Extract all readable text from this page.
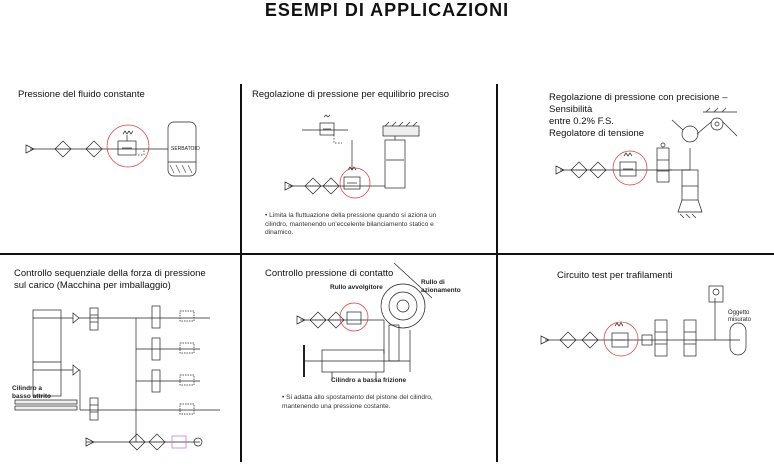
ESEMPI DI APPLICAZIONI
Pressione del fluido constante	Regolazione di pressione per equilibrio preciso	Regolazione di pressione con precisione – Sensibilità
entre 0.2% F.S.
Regolatore di tensione
Controllo sequenziale della forza di pressione
sul carico (Macchina per imballaggio)
Controllo pressione di contatto	Circuito test per trafilamenti
• Limita la fluttuazione della pressione quando si aziona un cilindro, mantenendo un'eccelente bilanciamento statico e dinamico.
• Si adatta allo spostamento del pistone del cilindro, mantenendo una pressione costante.
SERBATOIO
Cilindro a basso attrito
Rullo avvolgitore
Rullo di azionamento
Cilindro a bassa frizione
Oggetto misurato
